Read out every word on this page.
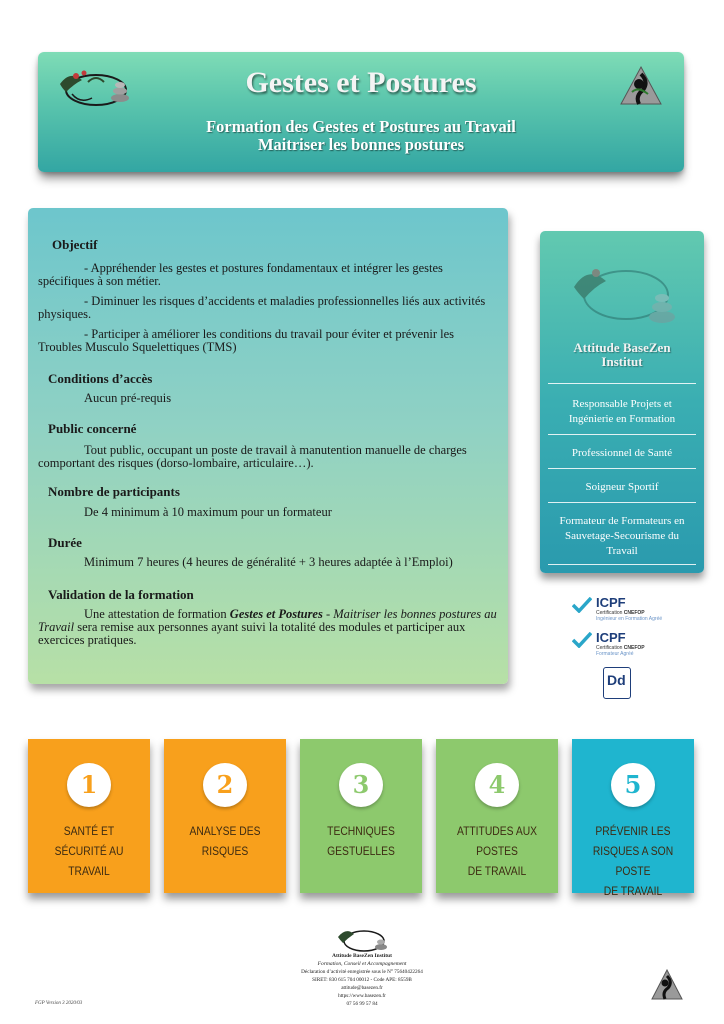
Gestes et Postures
Formation des Gestes et Postures au Travail
Maitriser les bonnes postures
Objectif
- Appréhender les gestes et postures fondamentaux et intégrer les gestes
spécifiques à son métier.
- Diminuer les risques d’accidents et maladies professionnelles liés aux activités
physiques.
- Participer à améliorer les conditions du travail pour éviter et prévenir les
Troubles Musculo Squelettiques (TMS)
Conditions d’accès
Aucun pré-requis
Public concerné
Tout public, occupant un poste de travail à manutention manuelle de charges
comportant des risques (dorso-lombaire, articulaire…).
Nombre de participants
De 4 minimum à 10 maximum pour un formateur
Durée
Minimum 7 heures (4 heures de généralité + 3 heures adaptée à l’Emploi)
Validation de la formation
Une attestation de formation Gestes et Postures - Maitriser les bonnes postures au
Travail sera remise aux personnes ayant suivi la totalité des modules et participer aux
exercices pratiques.
Attitude BaseZen
Institut
Responsable Projets et
Ingénierie en Formation
Professionnel de Santé
Soigneur Sportif
Formateur de Formateurs en
Sauvetage-Secourisme du
Travail
ICPF
Certification CNEFOP
Ingénieur en Formation Agréé
ICPF
Certification CNEFOP
Formateur Agréé
Dd
1
SANTÉ ET SÉCURITÉ AU
TRAVAIL
2
ANALYSE DES RISQUES
3
TECHNIQUES
GESTUELLES
4
ATTITUDES AUX POSTES
DE TRAVAIL
5
PRÉVENIR LES
RISQUES A SON POSTE
DE TRAVAIL
Attitude BaseZen Institut
Formation, Conseil et Accompagnement
Déclaration d’activité enregistrée sous le N° 75640422264
SIRET: 830 615 704 00012 - Code APE: 8559B
attitude@basezen.fr
https://www.basezen.fr
07 56 99 57 84
FGP Version 3 2020/03
